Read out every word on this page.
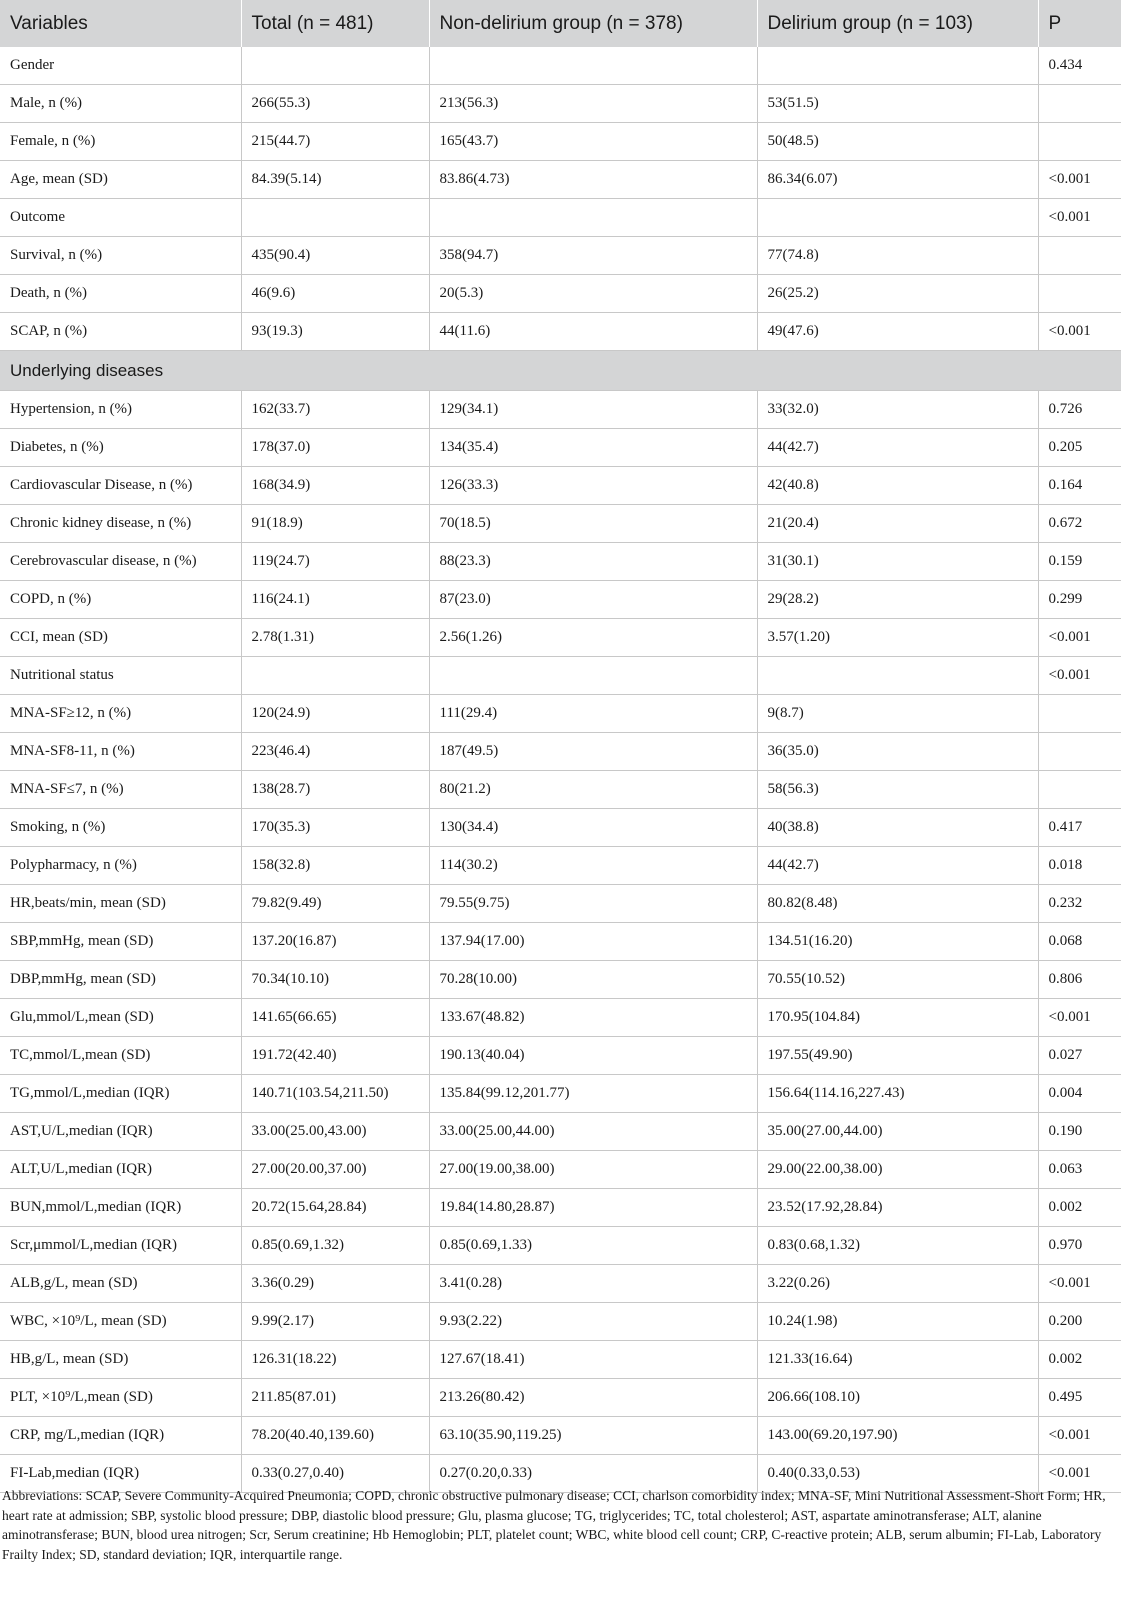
Variables	Total (n = 481)	Non-delirium group (n = 378)	Delirium group (n = 103)	P
Gender				0.434
Male, n (%)	266(55.3)	213(56.3)	53(51.5)	
Female, n (%)	215(44.7)	165(43.7)	50(48.5)	
Age, mean (SD)	84.39(5.14)	83.86(4.73)	86.34(6.07)	<0.001
Outcome				<0.001
Survival, n (%)	435(90.4)	358(94.7)	77(74.8)	
Death, n (%)	46(9.6)	20(5.3)	26(25.2)	
SCAP, n (%)	93(19.3)	44(11.6)	49(47.6)	<0.001
Underlying diseases				
Hypertension, n (%)	162(33.7)	129(34.1)	33(32.0)	0.726
Diabetes, n (%)	178(37.0)	134(35.4)	44(42.7)	0.205
Cardiovascular Disease, n (%)	168(34.9)	126(33.3)	42(40.8)	0.164
Chronic kidney disease, n (%)	91(18.9)	70(18.5)	21(20.4)	0.672
Cerebrovascular disease, n (%)	119(24.7)	88(23.3)	31(30.1)	0.159
COPD, n (%)	116(24.1)	87(23.0)	29(28.2)	0.299
CCI, mean (SD)	2.78(1.31)	2.56(1.26)	3.57(1.20)	<0.001
Nutritional status				<0.001
MNA-SF≥12, n (%)	120(24.9)	111(29.4)	9(8.7)	
MNA-SF8-11, n (%)	223(46.4)	187(49.5)	36(35.0)	
MNA-SF≤7, n (%)	138(28.7)	80(21.2)	58(56.3)	
Smoking, n (%)	170(35.3)	130(34.4)	40(38.8)	0.417
Polypharmacy, n (%)	158(32.8)	114(30.2)	44(42.7)	0.018
HR,beats/min, mean (SD)	79.82(9.49)	79.55(9.75)	80.82(8.48)	0.232
SBP,mmHg, mean (SD)	137.20(16.87)	137.94(17.00)	134.51(16.20)	0.068
DBP,mmHg, mean (SD)	70.34(10.10)	70.28(10.00)	70.55(10.52)	0.806
Glu,mmol/L,mean (SD)	141.65(66.65)	133.67(48.82)	170.95(104.84)	<0.001
TC,mmol/L,mean (SD)	191.72(42.40)	190.13(40.04)	197.55(49.90)	0.027
TG,mmol/L,median (IQR)	140.71(103.54,211.50)	135.84(99.12,201.77)	156.64(114.16,227.43)	0.004
AST,U/L,median (IQR)	33.00(25.00,43.00)	33.00(25.00,44.00)	35.00(27.00,44.00)	0.190
ALT,U/L,median (IQR)	27.00(20.00,37.00)	27.00(19.00,38.00)	29.00(22.00,38.00)	0.063
BUN,mmol/L,median (IQR)	20.72(15.64,28.84)	19.84(14.80,28.87)	23.52(17.92,28.84)	0.002
Scr,μmmol/L,median (IQR)	0.85(0.69,1.32)	0.85(0.69,1.33)	0.83(0.68,1.32)	0.970
ALB,g/L, mean (SD)	3.36(0.29)	3.41(0.28)	3.22(0.26)	<0.001
WBC, ×10⁹/L, mean (SD)	9.99(2.17)	9.93(2.22)	10.24(1.98)	0.200
HB,g/L, mean (SD)	126.31(18.22)	127.67(18.41)	121.33(16.64)	0.002
PLT, ×10⁹/L,mean (SD)	211.85(87.01)	213.26(80.42)	206.66(108.10)	0.495
CRP, mg/L,median (IQR)	78.20(40.40,139.60)	63.10(35.90,119.25)	143.00(69.20,197.90)	<0.001
FI-Lab,median (IQR)	0.33(0.27,0.40)	0.27(0.20,0.33)	0.40(0.33,0.53)	<0.001
Abbreviations: SCAP, Severe Community-Acquired Pneumonia; COPD, chronic obstructive pulmonary disease; CCI, charlson comorbidity index; MNA-SF, Mini Nutritional Assessment-Short Form; HR, heart rate at admission; SBP, systolic blood pressure; DBP, diastolic blood pressure; Glu, plasma glucose; TG, triglycerides; TC, total cholesterol; AST, aspartate aminotransferase; ALT, alanine aminotransferase; BUN, blood urea nitrogen; Scr, Serum creatinine; Hb Hemoglobin; PLT, platelet count; WBC, white blood cell count; CRP, C-reactive protein; ALB, serum albumin; FI-Lab, Laboratory Frailty Index; SD, standard deviation; IQR, interquartile range.
